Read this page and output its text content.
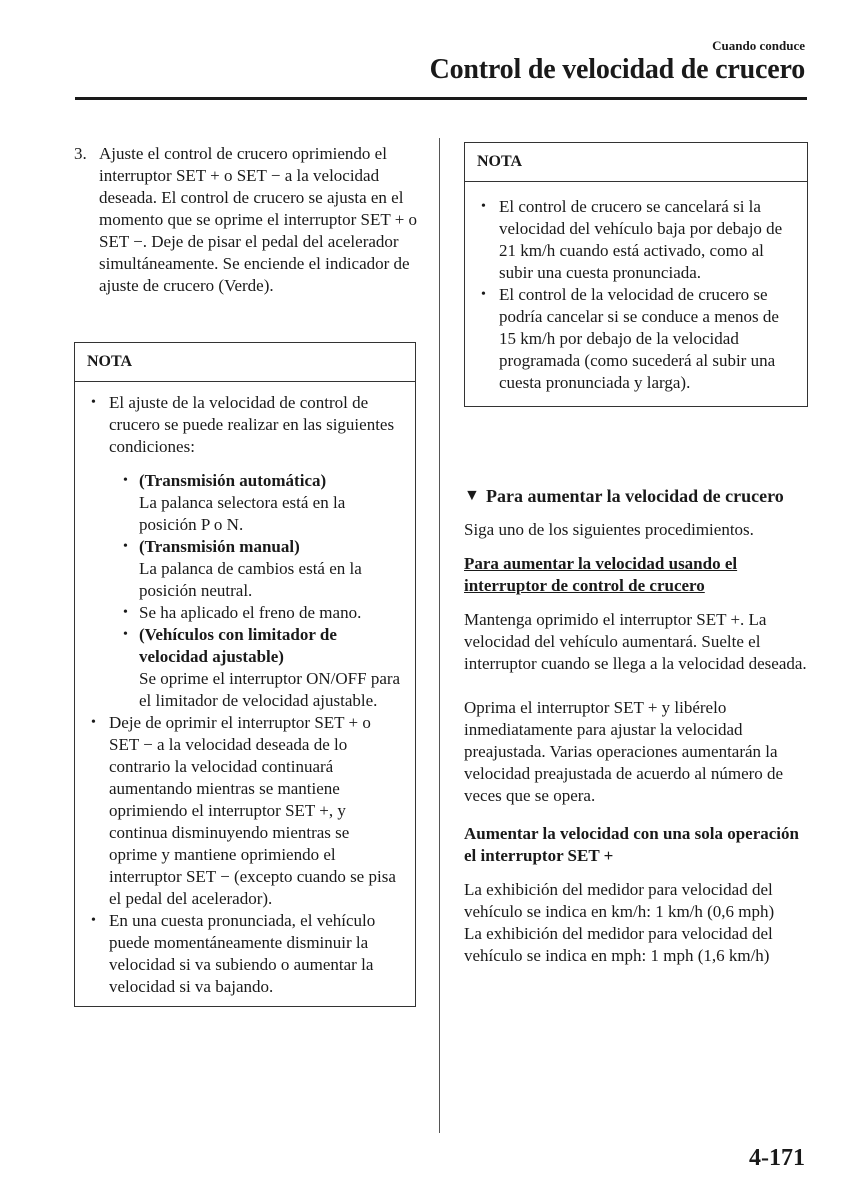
Cuando conduce
Control de velocidad de crucero
3. Ajuste el control de crucero oprimiendo el interruptor SET + o SET − a la velocidad deseada. El control de crucero se ajusta en el momento que se oprime el interruptor SET + o SET −. Deje de pisar el pedal del acelerador simultáneamente. Se enciende el indicador de ajuste de crucero (Verde).
NOTA
• El ajuste de la velocidad de control de crucero se puede realizar en las siguientes condiciones:
• (Transmisión automática)
La palanca selectora está en la posición P o N.
• (Transmisión manual)
La palanca de cambios está en la posición neutral.
• Se ha aplicado el freno de mano.
• (Vehículos con limitador de velocidad ajustable)
Se oprime el interruptor ON/OFF para el limitador de velocidad ajustable.
• Deje de oprimir el interruptor SET + o SET − a la velocidad deseada de lo contrario la velocidad continuará aumentando mientras se mantiene oprimiendo el interruptor SET +, y continua disminuyendo mientras se oprime y mantiene oprimiendo el interruptor SET − (excepto cuando se pisa el pedal del acelerador).
• En una cuesta pronunciada, el vehículo puede momentáneamente disminuir la velocidad si va subiendo o aumentar la velocidad si va bajando.
NOTA
• El control de crucero se cancelará si la velocidad del vehículo baja por debajo de 21 km/h cuando está activado, como al subir una cuesta pronunciada.
• El control de la velocidad de crucero se podría cancelar si se conduce a menos de 15 km/h por debajo de la velocidad programada (como sucederá al subir una cuesta pronunciada y larga).
▼ Para aumentar la velocidad de crucero
Siga uno de los siguientes procedimientos.
Para aumentar la velocidad usando el interruptor de control de crucero
Mantenga oprimido el interruptor SET +. La velocidad del vehículo aumentará. Suelte el interruptor cuando se llega a la velocidad deseada.
Oprima el interruptor SET + y libérelo inmediatamente para ajustar la velocidad preajustada. Varias operaciones aumentarán la velocidad preajustada de acuerdo al número de veces que se opera.
Aumentar la velocidad con una sola operación el interruptor SET +
La exhibición del medidor para velocidad del vehículo se indica en km/h: 1 km/h (0,6 mph)
La exhibición del medidor para velocidad del vehículo se indica en mph: 1 mph (1,6 km/h)
4-171
